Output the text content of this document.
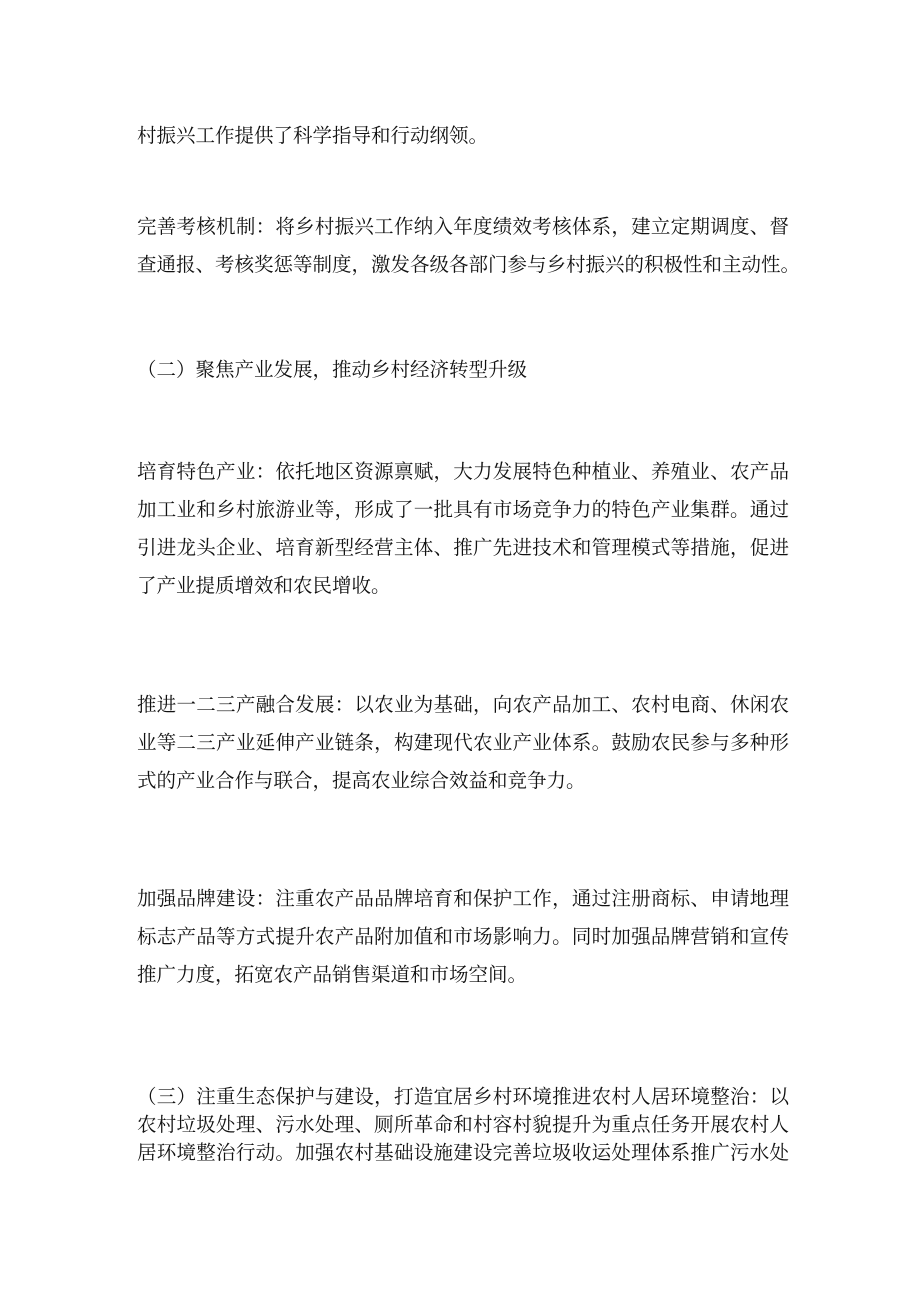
村振兴工作提供了科学指导和行动纲领。

完善考核机制：将乡村振兴工作纳入年度绩效考核体系，建立定期调度、督
查通报、考核奖惩等制度，激发各级各部门参与乡村振兴的积极性和主动性。

（二）聚焦产业发展，推动乡村经济转型升级

培育特色产业：依托地区资源禀赋，大力发展特色种植业、养殖业、农产品
加工业和乡村旅游业等，形成了一批具有市场竞争力的特色产业集群。通过
引进龙头企业、培育新型经营主体、推广先进技术和管理模式等措施，促进
了产业提质增效和农民增收。

推进一二三产融合发展：以农业为基础，向农产品加工、农村电商、休闲农
业等二三产业延伸产业链条，构建现代农业产业体系。鼓励农民参与多种形
式的产业合作与联合，提高农业综合效益和竞争力。

加强品牌建设：注重农产品品牌培育和保护工作，通过注册商标、申请地理
标志产品等方式提升农产品附加值和市场影响力。同时加强品牌营销和宣传
推广力度，拓宽农产品销售渠道和市场空间。

（三）注重生态保护与建设，打造宜居乡村环境推进农村人居环境整治：以
农村垃圾处理、污水处理、厕所革命和村容村貌提升为重点任务开展农村人
居环境整治行动。加强农村基础设施建设完善垃圾收运处理体系推广污水处
